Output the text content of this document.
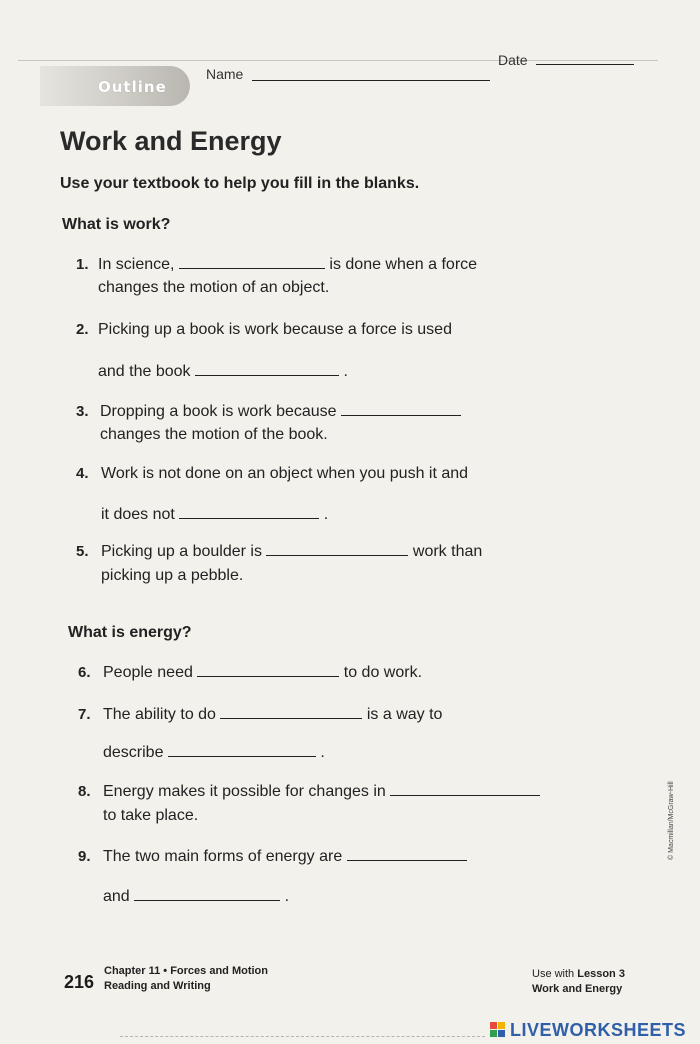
Outline
Name
Date
Work and Energy
Use your textbook to help you fill in the blanks.
What is work?
1. In science,	is done when a force
changes the motion of an object.
2. Picking up a book is work because a force is used
and the book	.
3. Dropping a book is work because
changes the motion of the book.
4. Work is not done on an object when you push it and
it does not	.
5. Picking up a boulder is	work than
picking up a pebble.
What is energy?
6. People need	to do work.
7. The ability to do	is a way to
describe	.
8. Energy makes it possible for changes in
to take place.
9. The two main forms of energy are
and	.
© Macmillan/McGraw-Hill
216
Chapter 11 • Forces and Motion
Reading and Writing
Use with Lesson 3
Work and Energy
LIVEWORKSHEETS
